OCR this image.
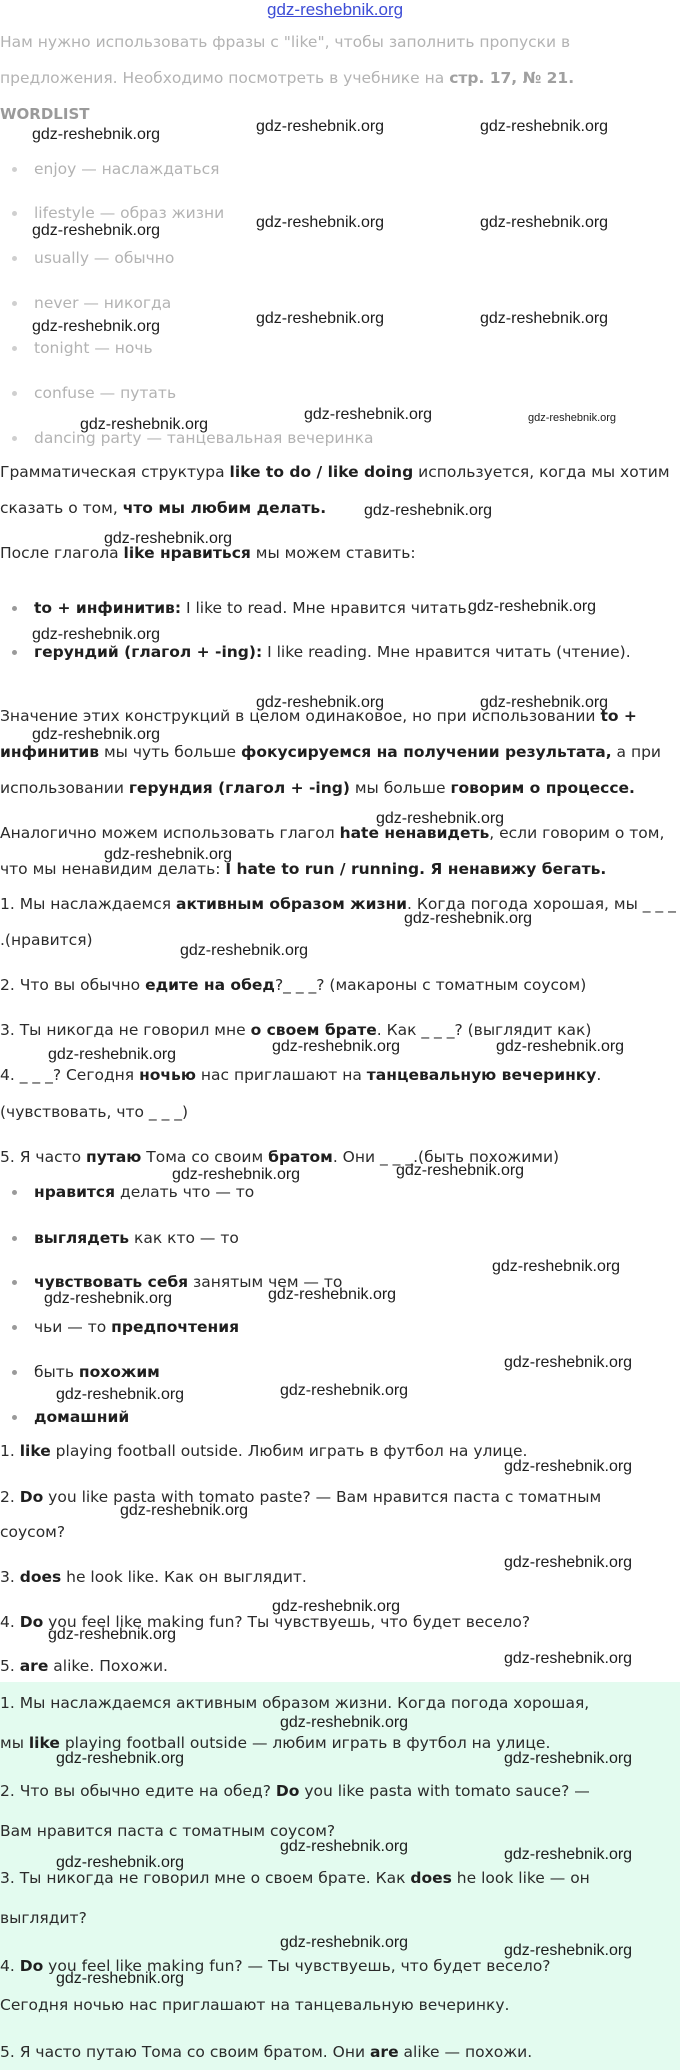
gdz-reshebnik.org
Нам нужно использовать фразы с "like", чтобы заполнить пропуски в
предложения. Необходимо посмотреть в учебнике на стр. 17, № 21.
WORDLIST
enjoy — наслаждаться
lifestyle — образ жизни
usually — обычно
never — никогда
tonight — ночь
confuse — путать
dancing party — танцевальная вечеринка
Грамматическая структура like to do / like doing используется, когда мы хотим
сказать о том, что мы любим делать.
После глагола like нравиться мы можем ставить:
to + инфинитив: I like to read. Мне нравится читать.
герундий (глагол + -ing): I like reading. Мне нравится читать (чтение).
Значение этих конструкций в целом одинаковое, но при использовании to +
инфинитив мы чуть больше фокусируемся на получении результата, а при
использовании герундия (глагол + -ing) мы больше говорим о процессе.
Аналогично можем использовать глагол hate ненавидеть, если говорим о том,
что мы ненавидим делать: I hate to run / running. Я ненавижу бегать.
1. Мы наслаждаемся активным образом жизни. Когда погода хорошая, мы _ _ _
.(нравится)
2. Что вы обычно едите на обед?_ _ _? (макароны с томатным соусом)
3. Ты никогда не говорил мне о своем брате. Как _ _ _? (выглядит как)
4. _ _ _? Сегодня ночью нас приглашают на танцевальную вечеринку.
(чувствовать, что _ _ _)
5. Я часто путаю Тома со своим братом. Они _ _ _.(быть похожими)
нравится делать что — то
выглядеть как кто — то
чувствовать себя занятым чем — то
чьи — то предпочтения
быть похожим
домашний
1. like playing football outside. Любим играть в футбол на улице.
2. Do you like pasta with tomato paste? — Вам нравится паста с томатным
соусом?
3. does he look like. Как он выглядит.
4. Do you feel like making fun? Ты чувствуешь, что будет весело?
5. are alike. Похожи.
1. Мы наслаждаемся активным образом жизни. Когда погода хорошая,
мы like playing football outside — любим играть в футбол на улице.
2. Что вы обычно едите на обед? Do you like pasta with tomato sauce? —
Вам нравится паста с томатным соусом?
3. Ты никогда не говорил мне о своем брате. Как does he look like — он
выглядит?
4. Do you feel like making fun? — Ты чувствуешь, что будет весело?
Сегодня ночью нас приглашают на танцевальную вечеринку.
5. Я часто путаю Тома со своим братом. Они are alike — похожи.
gdz-reshebnik.org	gdz-reshebnik.org	gdz-reshebnik.org
gdz-reshebnik.org	gdz-reshebnik.org	gdz-reshebnik.org
gdz-reshebnik.org	gdz-reshebnik.org	gdz-reshebnik.org
gdz-reshebnik.org
gdz-reshebnik.org	gdz-reshebnik.org
gdz-reshebnik.org
gdz-reshebnik.org
gdz-reshebnik.org
gdz-reshebnik.org
gdz-reshebnik.org	gdz-reshebnik.org
gdz-reshebnik.org
gdz-reshebnik.org
gdz-reshebnik.org
gdz-reshebnik.org
gdz-reshebnik.org
gdz-reshebnik.org	gdz-reshebnik.org	gdz-reshebnik.org
gdz-reshebnik.org	gdz-reshebnik.org
gdz-reshebnik.org
gdz-reshebnik.org	gdz-reshebnik.org
gdz-reshebnik.org
gdz-reshebnik.org	gdz-reshebnik.org
gdz-reshebnik.org
gdz-reshebnik.org
gdz-reshebnik.org
gdz-reshebnik.org
gdz-reshebnik.org
gdz-reshebnik.org
gdz-reshebnik.org
gdz-reshebnik.org	gdz-reshebnik.org
gdz-reshebnik.org	gdz-reshebnik.org
gdz-reshebnik.org
gdz-reshebnik.org	gdz-reshebnik.org
gdz-reshebnik.org
